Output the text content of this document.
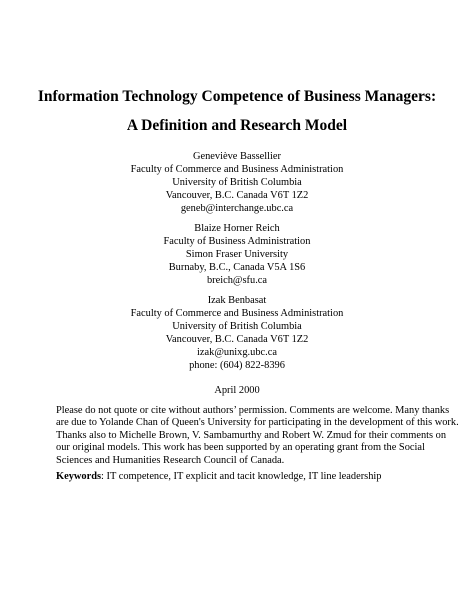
Information Technology Competence of Business Managers:
A Definition and Research Model
Geneviève Bassellier
Faculty of Commerce and Business Administration
University of British Columbia
Vancouver, B.C. Canada V6T 1Z2
geneb@interchange.ubc.ca
Blaize Horner Reich
Faculty of Business Administration
Simon Fraser University
Burnaby, B.C., Canada V5A 1S6
breich@sfu.ca
Izak Benbasat
Faculty of Commerce and Business Administration
University of British Columbia
Vancouver, B.C. Canada V6T 1Z2
izak@unixg.ubc.ca
phone: (604) 822-8396
April 2000
Please do not quote or cite without authors’ permission. Comments are welcome. Many thanks
are due to Yolande Chan of Queen's University for participating in the development of this work.
Thanks also to Michelle Brown, V. Sambamurthy and Robert W. Zmud for their comments on
our original models. This work has been supported by an operating grant from the Social
Sciences and Humanities Research Council of Canada.
Keywords: IT competence, IT explicit and tacit knowledge, IT line leadership
